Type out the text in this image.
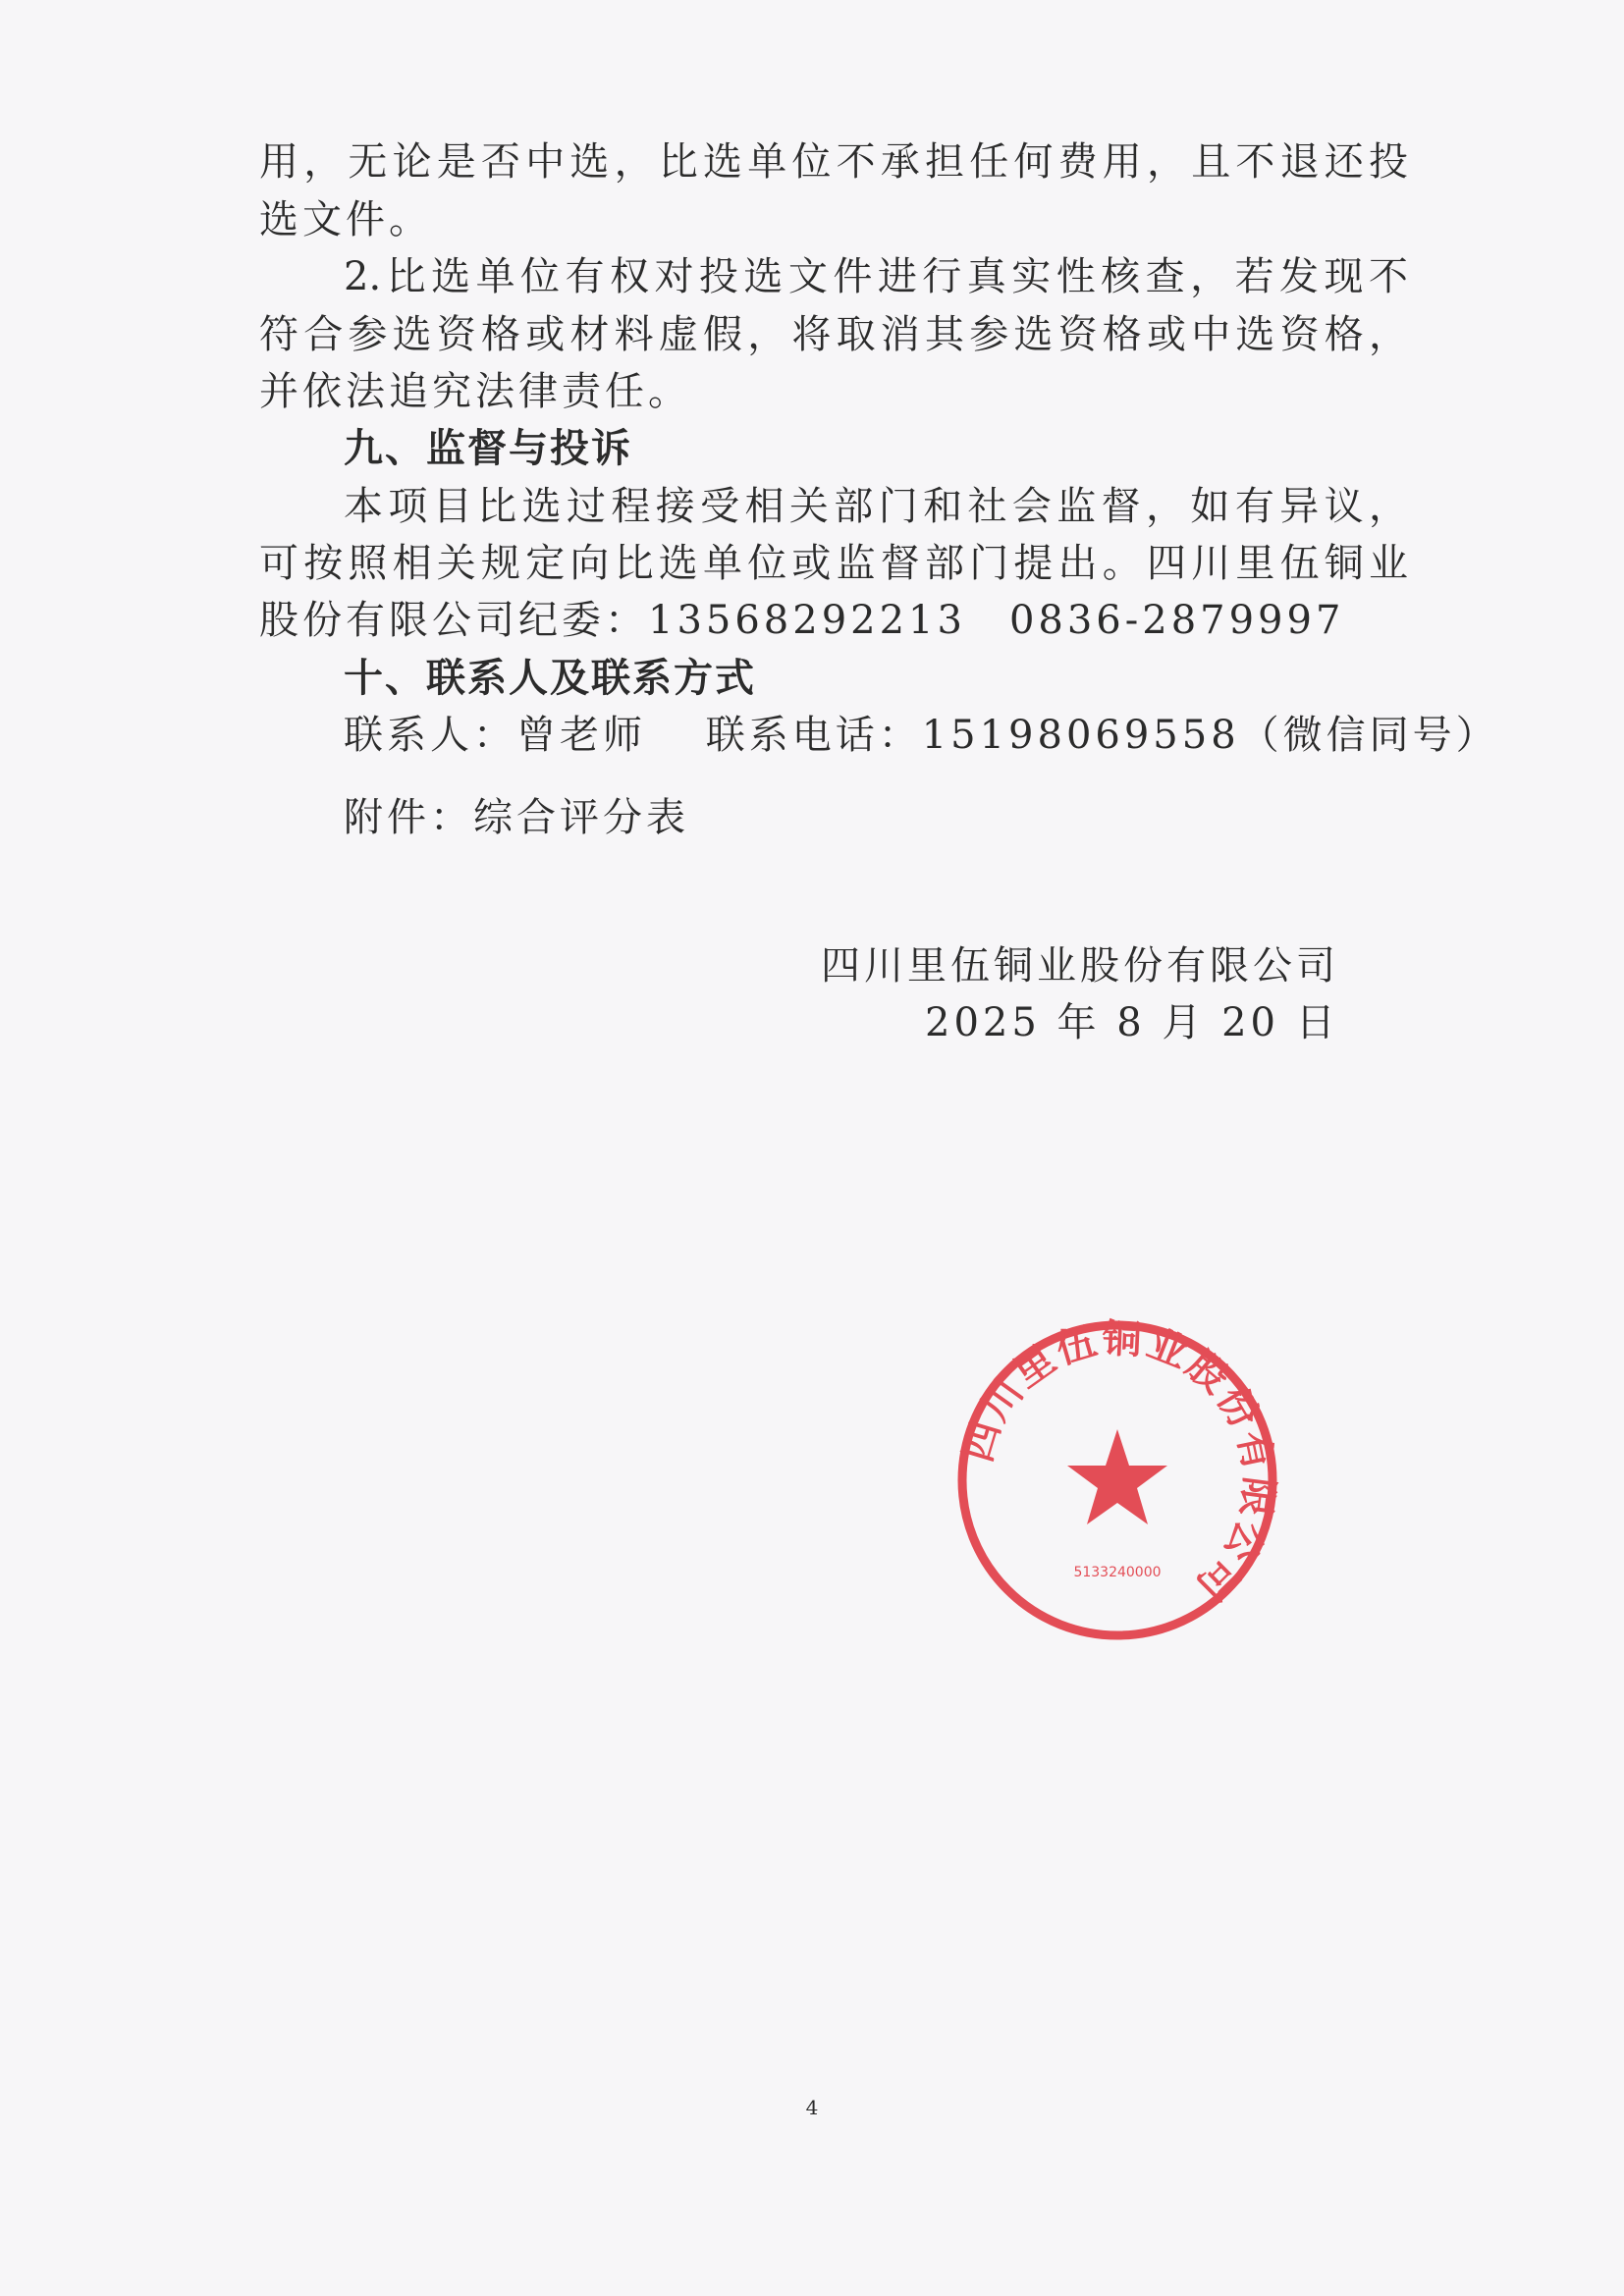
用，无论是否中选，比选单位不承担任何费用，且不退还投
选文件。
2.比选单位有权对投选文件进行真实性核查，若发现不
符合参选资格或材料虚假，将取消其参选资格或中选资格，
并依法追究法律责任。
九、监督与投诉
本项目比选过程接受相关部门和社会监督，如有异议，
可按照相关规定向比选单位或监督部门提出。四川里伍铜业
股份有限公司纪委：13568292213　0836-2879997
十、联系人及联系方式
联系人：曾老师　 联系电话：15198069558（微信同号）
附件：综合评分表
四川里伍铜业股份有限公司
5133240000
四川里伍铜业股份有限公司
2025 年 8 月 20 日
4
